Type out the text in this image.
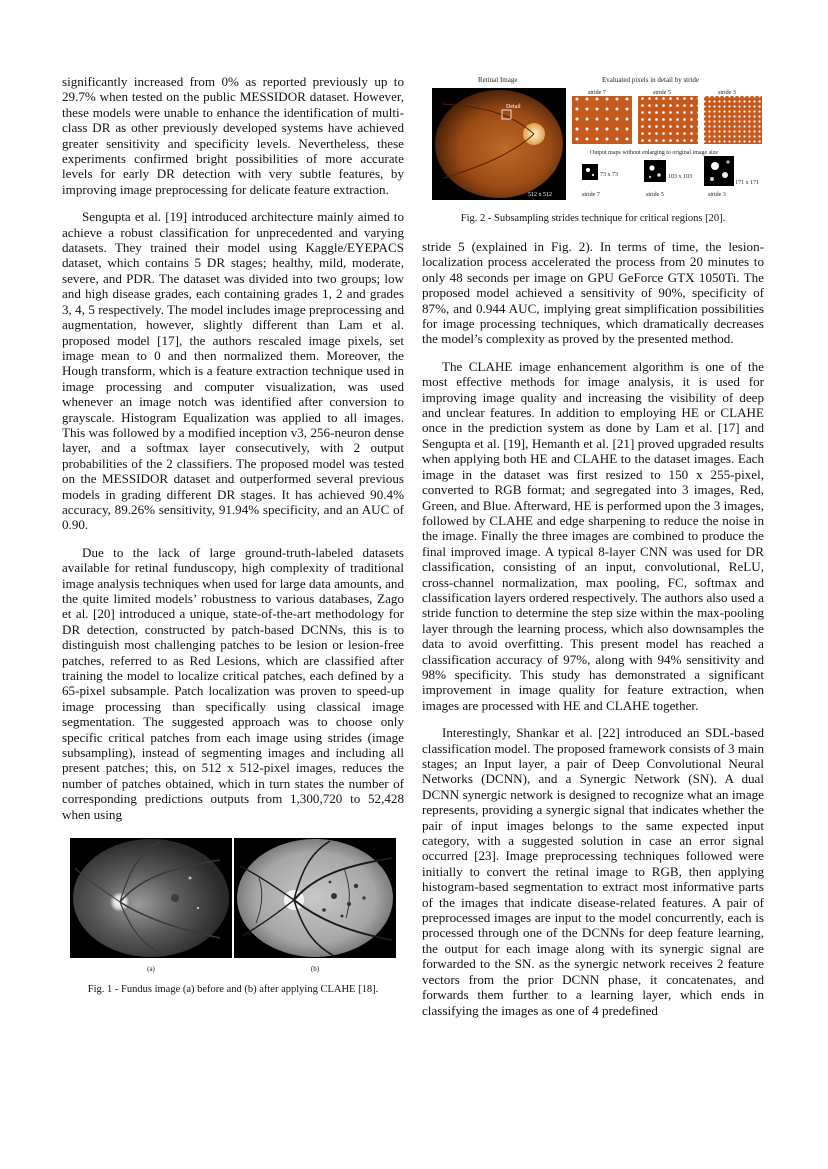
significantly increased from 0% as reported previously up to 29.7% when tested on the public MESSIDOR dataset. However, these models were unable to enhance the identification of multi-class DR as other previously developed systems have achieved greater sensitivity and specificity levels. Nevertheless, these experiments confirmed bright possibilities of more accurate levels for early DR detection with very subtle features, by improving image preprocessing for delicate feature extraction.

Sengupta et al. [19] introduced architecture mainly aimed to achieve a robust classification for unprecedented and varying datasets. They trained their model using Kaggle/EYEPACS dataset, which contains 5 DR stages; healthy, mild, moderate, severe, and PDR. The dataset was divided into two groups; low and high disease grades, each containing grades 1, 2 and grades 3, 4, 5 respectively. The model includes image preprocessing and augmentation, however, slightly different than Lam et al. proposed model [17], the authors rescaled image pixels, set image mean to 0 and then normalized them. Moreover, the Hough transform, which is a feature extraction technique used in image processing and computer visualization, was used whenever an image notch was identified after conversion to grayscale. Histogram Equalization was applied to all images. This was followed by a modified inception v3, 256-neuron dense layer, and a softmax layer consecutively, with 2 output probabilities of the 2 classifiers. The proposed model was tested on the MESSIDOR dataset and outperformed several previous models in grading different DR stages. It has achieved 90.4% accuracy, 89.26% sensitivity, 91.94% specificity, and an AUC of 0.90.

Due to the lack of large ground-truth-labeled datasets available for retinal funduscopy, high complexity of traditional image analysis techniques when used for large data amounts, and the quite limited models’ robustness to various databases, Zago et al. [20] introduced a unique, state-of-the-art methodology for DR detection, constructed by patch-based DCNNs, this is to distinguish most challenging patches to be lesion or lesion-free patches, referred to as Red Lesions, which are classified after training the model to localize critical patches, each defined by a 65-pixel subsample. Patch localization was proven to speed-up image processing than specifically using classical image segmentation. The suggested approach was to choose only specific critical patches from each image using strides (image subsampling), instead of segmenting images and including all present patches; this, on 512 x 512-pixel images, reduces the number of patches obtained, which in turn states the number of corresponding predictions outputs from 1,300,720 to 52,428 when using

(a)	(b)
Fig. 1 - Fundus image (a) before and (b) after applying CLAHE [18].
Retinal Image
Detail
512 x 512
Evaluated pixels in detail by stride
stride 7	stride 5	stride 3
Output maps without enlarging to original image size
73 x 73	103 x 103
171 x 171
stride 7	stride 5	stride 3
Fig. 2 - Subsampling strides technique for critical regions [20].

stride 5 (explained in Fig. 2). In terms of time, the lesion-localization process accelerated the process from 20 minutes to only 48 seconds per image on GPU GeForce GTX 1050Ti. The proposed model achieved a sensitivity of 90%, specificity of 87%, and 0.944 AUC, implying great simplification possibilities for image processing techniques, which dramatically decreases the model’s complexity as proved by the presented method.

The CLAHE image enhancement algorithm is one of the most effective methods for image analysis, it is used for improving image quality and increasing the visibility of deep and unclear features. In addition to employing HE or CLAHE once in the prediction system as done by Lam et al. [17] and Sengupta et al. [19], Hemanth et al. [21] proved upgraded results when applying both HE and CLAHE to the dataset images. Each image in the dataset was first resized to 150 x 255-pixel, converted to RGB format; and segregated into 3 images, Red, Green, and Blue. Afterward, HE is performed upon the 3 images, followed by CLAHE and edge sharpening to reduce the noise in the image. Finally the three images are combined to produce the final improved image. A typical 8-layer CNN was used for DR classification, consisting of an input, convolutional, ReLU, cross-channel normalization, max pooling, FC, softmax and classification layers ordered respectively. The authors also used a stride function to determine the step size within the max-pooling layer through the learning process, which also downsamples the data to avoid overfitting. This present model has reached a classification accuracy of 97%, along with 94% sensitivity and 98% specificity. This study has demonstrated a significant improvement in image quality for feature extraction, when images are processed with HE and CLAHE together.

Interestingly, Shankar et al. [22] introduced an SDL-based classification model. The proposed framework consists of 3 main stages; an Input layer, a pair of Deep Convolutional Neural Networks (DCNN), and a Synergic Network (SN). A dual DCNN synergic network is designed to recognize what an image represents, providing a synergic signal that indicates whether the pair of input images belongs to the same expected input category, with a suggested solution in case an error signal occurred [23]. Image preprocessing techniques followed were initially to convert the retinal image to RGB, then applying histogram-based segmentation to extract most informative parts of the images that indicate disease-related features. A pair of preprocessed images are input to the model concurrently, each is processed through one of the DCNNs for deep feature learning, the output for each image along with its synergic signal are forwarded to the SN. as the synergic network receives 2 feature vectors from the prior DCNN phase, it concatenates, and forwards them further to a learning layer, which ends in classifying the images as one of 4 predefined
